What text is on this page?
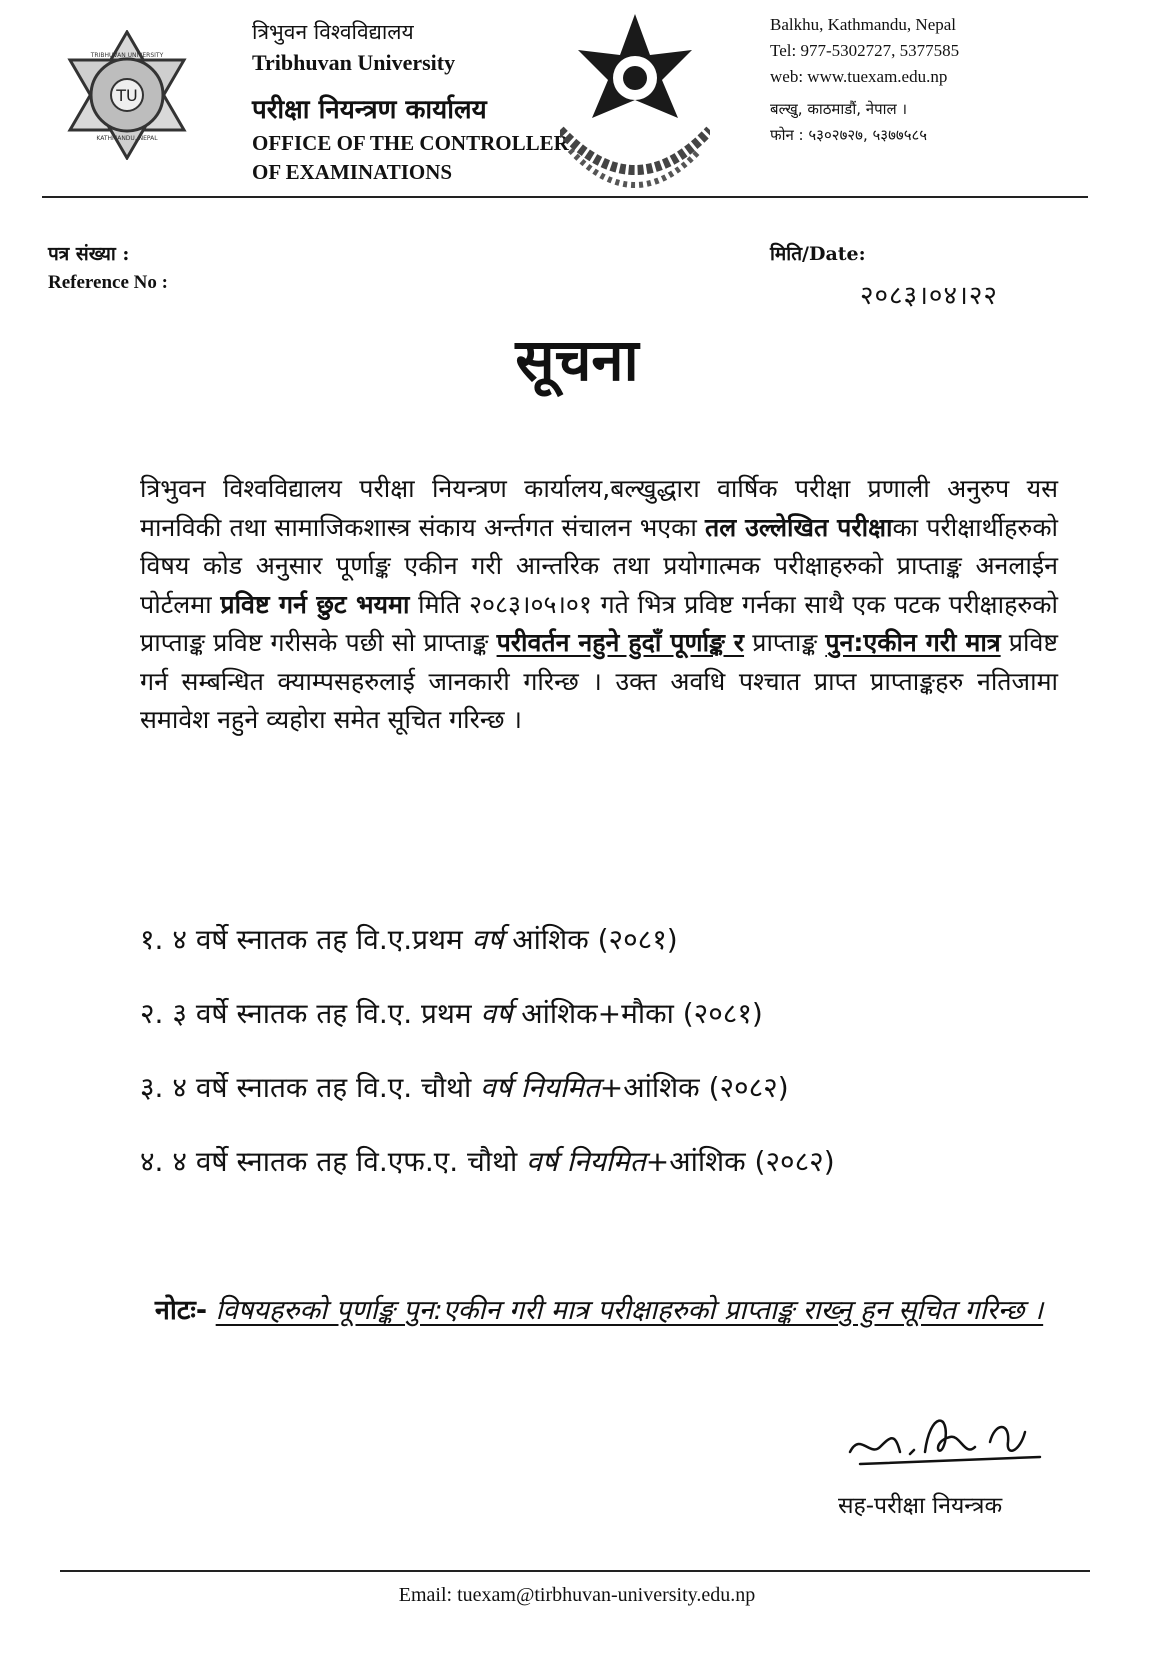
TU
TRIBHUVAN UNIVERSITY
KATHMANDU, NEPAL
त्रिभुवन विश्वविद्यालय
Tribhuvan University
परीक्षा नियन्त्रण कार्यालय
OFFICE OF THE CONTROLLER
OF EXAMINATIONS
Balkhu, Kathmandu, Nepal
Tel: 977-5302727, 5377585
web: www.tuexam.edu.np
बल्खु, काठमाडौं, नेपाल ।
फोन : ५३०२७२७, ५३७७५८५
पत्र संख्या :
Reference No :
मिति/Date:
२०८३।०४।२२
सूचना
त्रिभुवन विश्वविद्यालय परीक्षा नियन्त्रण कार्यालय,बल्खुद्धारा वार्षिक परीक्षा प्रणाली अनुरुप यस मानविकी तथा सामाजिकशास्त्र संकाय अर्न्तगत संचालन भएका तल उल्लेखित परीक्षाका परीक्षार्थीहरुको विषय कोड अनुसार पूर्णाङ्क एकीन गरी आन्तरिक तथा प्रयोगात्मक परीक्षाहरुको प्राप्ताङ्क अनलाईन पोर्टलमा प्रविष्ट गर्न छुट भयमा मिति २०८३।०५।०१ गते भित्र प्रविष्ट गर्नका साथै एक पटक परीक्षाहरुको प्राप्ताङ्क प्रविष्ट गरीसके पछी सो प्राप्ताङ्क परीवर्तन नहुने हुदाँ पूर्णाङ्क र प्राप्ताङ्क पुन:एकीन गरी मात्र प्रविष्ट गर्न सम्बन्धित क्याम्पसहरुलाई जानकारी गरिन्छ । उक्त अवधि पश्चात प्राप्त प्राप्ताङ्कहरु नतिजामा समावेश नहुने व्यहोरा समेत सूचित गरिन्छ ।
१. ४ वर्षे स्नातक तह वि.ए.प्रथम वर्ष आंशिक (२०८१)
२. ३ वर्षे स्नातक तह वि.ए. प्रथम वर्ष आंशिक+मौका (२०८१)
३. ४ वर्षे स्नातक तह वि.ए. चौथो वर्ष नियमित+आंशिक (२०८२)
४. ४ वर्षे स्नातक तह वि.एफ.ए. चौथो वर्ष नियमित+आंशिक (२०८२)
नोटः- विषयहरुको पूर्णाङ्क पुन:एकीन गरी मात्र परीक्षाहरुको प्राप्ताङ्क राख्नु हुन सूचित गरिन्छ ।
सह-परीक्षा नियन्त्रक
Email: tuexam@tirbhuvan-university.edu.np
